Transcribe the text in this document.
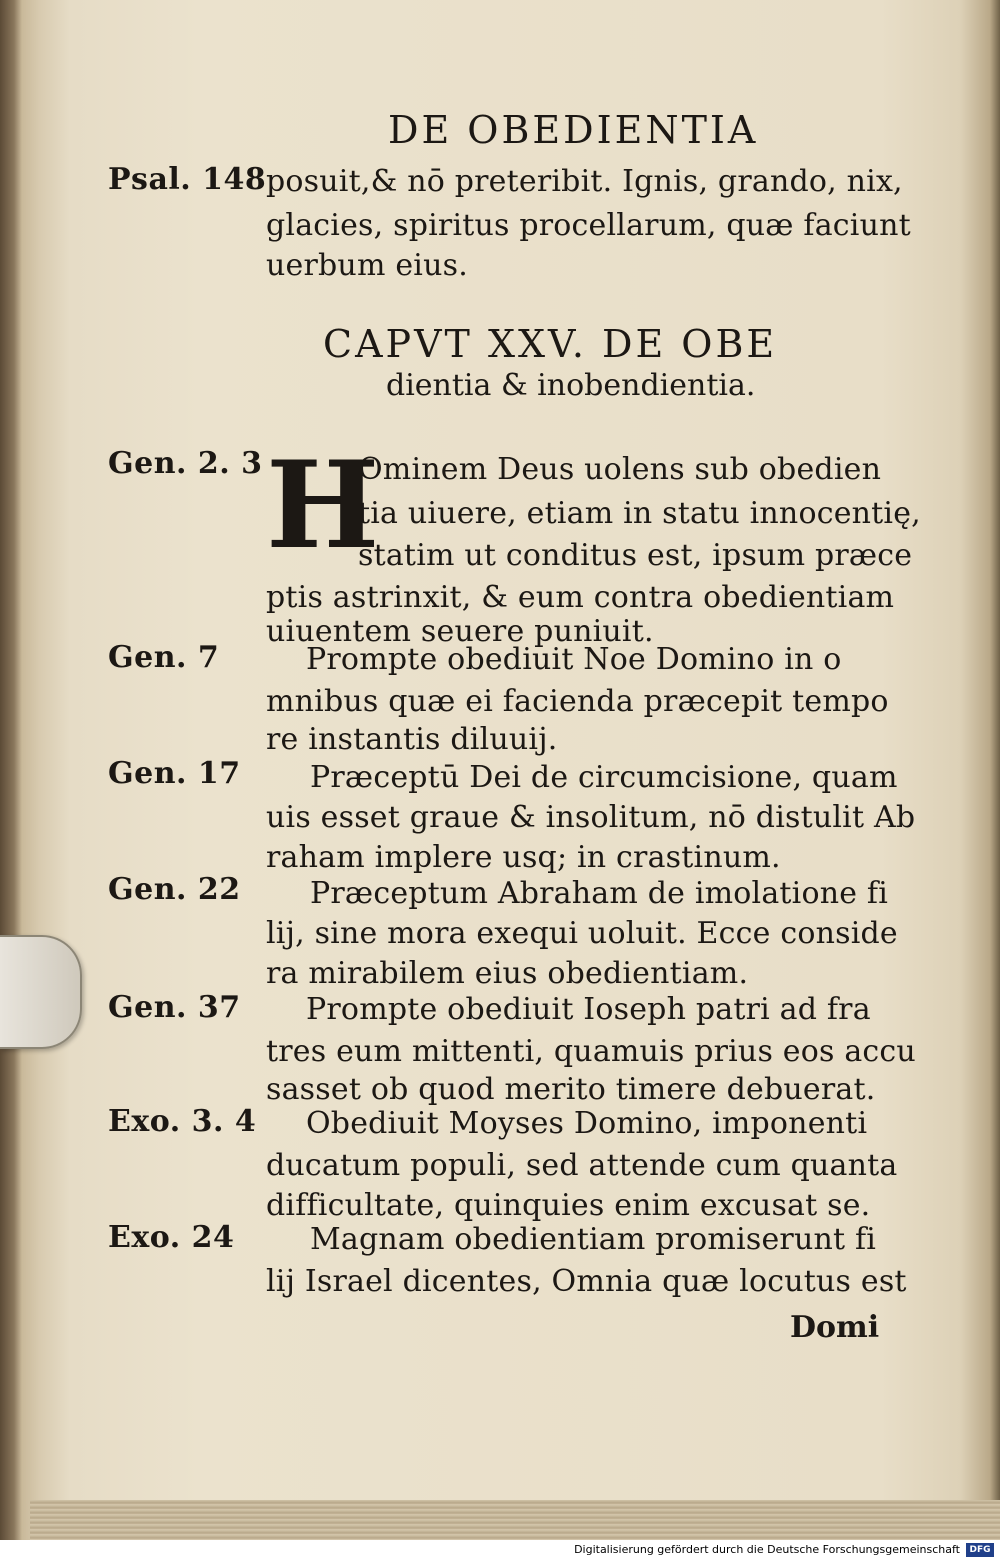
DE OBEDIENTIA
Psal. 148 posuit,& nō preteribit. Ignis, grando, nix,
glacies, spiritus procellarum, quæ faciunt
uerbum eius.
CAPVT XXV. DE OBE
dientia & inobendientia.
Gen. 2. 3 H
Ominem Deus uolens sub obedien
tia uiuere, etiam in statu innocentię,
statim ut conditus est, ipsum præce
ptis astrinxit, & eum contra obedientiam
uiuentem seuere puniuit.
Gen. 7	Prompte obediuit Noe Domino in o
mnibus quæ ei facienda præcepit tempo
re instantis diluuij.
Gen. 17 Præceptū Dei de circumcisione, quam
uis esset graue & insolitum, nō distulit Ab
raham implere usq; in crastinum.
Gen. 22 Præceptum Abraham de imolatione fi
lij, sine mora exequi uoluit. Ecce conside
ra mirabilem eius obedientiam.
Gen. 37 Prompte obediuit Ioseph patri ad fra
tres eum mittenti, quamuis prius eos accu
sasset ob quod merito timere debuerat.
Exo. 3. 4 Obediuit Moyses Domino, imponenti
ducatum populi, sed attende cum quanta
difficultate, quinquies enim excusat se.
Exo. 24	Magnam obedientiam promiserunt fi
lij Israel dicentes, Omnia quæ locutus est
Domi
Digitalisierung gefördert durch die Deutsche Forschungsgemeinschaft	DFG
